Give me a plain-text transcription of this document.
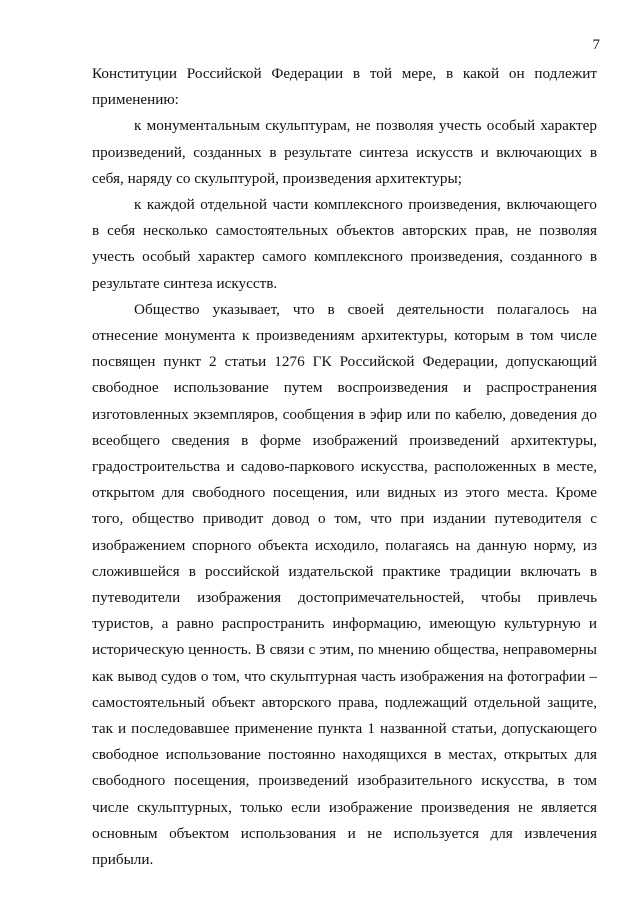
7

Конституции Российской Федерации в той мере, в какой он подлежит применению:

к монументальным скульптурам, не позволяя учесть особый характер произведений, созданных в результате синтеза искусств и включающих в себя, наряду со скульптурой, произведения архитектуры;

к каждой отдельной части комплексного произведения, включающего в себя несколько самостоятельных объектов авторских прав, не позволяя учесть особый характер самого комплексного произведения, созданного в результате синтеза искусств.

Общество указывает, что в своей деятельности полагалось на отнесение монумента к произведениям архитектуры, которым в том числе посвящен пункт 2 статьи 1276 ГК Российской Федерации, допускающий свободное использование путем воспроизведения и распространения изготовленных экземпляров, сообщения в эфир или по кабелю, доведения до всеобщего сведения в форме изображений произведений архитектуры, градостроительства и садово-паркового искусства, расположенных в месте, открытом для свободного посещения, или видных из этого места. Кроме того, общество приводит довод о том, что при издании путеводителя с изображением спорного объекта исходило, полагаясь на данную норму, из сложившейся в российской издательской практике традиции включать в путеводители изображения достопримечательностей, чтобы привлечь туристов, а равно распространить информацию, имеющую культурную и историческую ценность. В связи с этим, по мнению общества, неправомерны как вывод судов о том, что скульптурная часть изображения на фотографии – самостоятельный объект авторского права, подлежащий отдельной защите, так и последовавшее применение пункта 1 названной статьи, допускающего свободное использование постоянно находящихся в местах, открытых для свободного посещения, произведений изобразительного искусства, в том числе скульптурных, только если изображение произведения не является основным объектом использования и не используется для извлечения прибыли.
